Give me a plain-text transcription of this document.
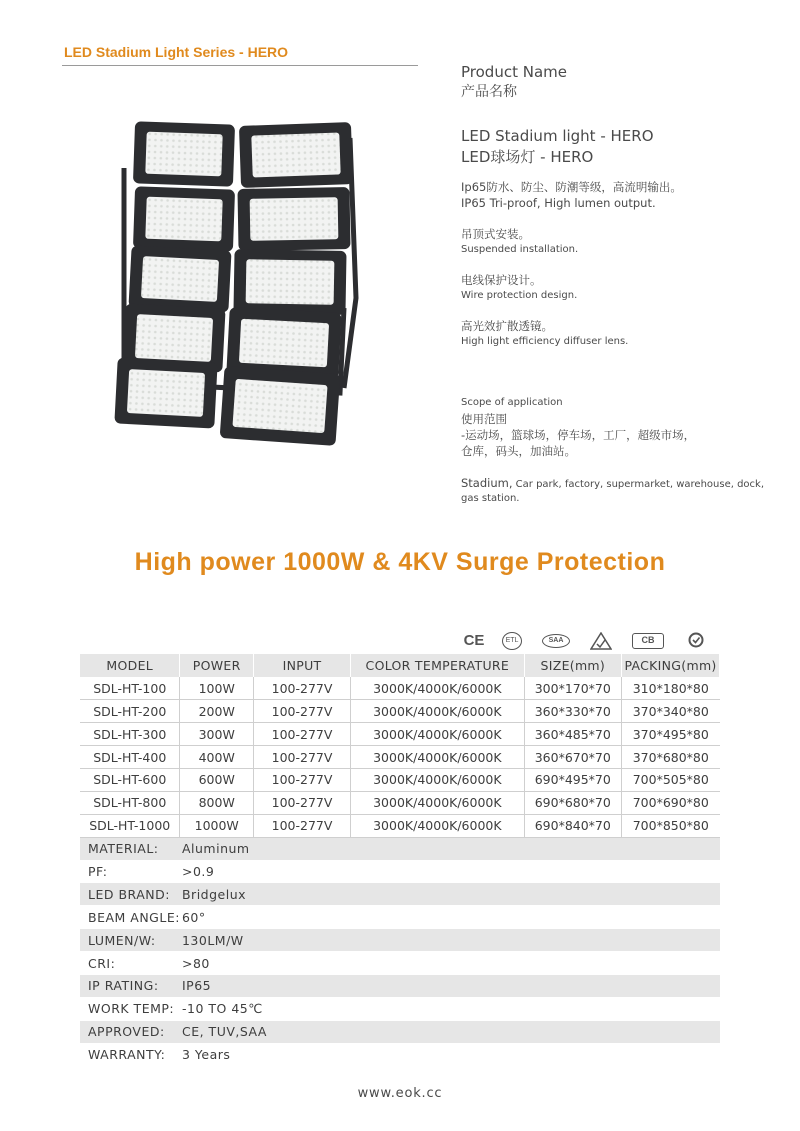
LED Stadium Light Series - HERO
Product Name
产品名称
LED Stadium light - HERO
LED球场灯 - HERO
Ip65防水、防尘、防潮等级，高流明输出。
IP65 Tri-proof, High lumen output.
吊顶式安装。
Suspended installation.
电线保护设计。
Wire protection design.
高光效扩散透镜。
High light efficiency diffuser lens.
Scope of application
使用范围
-运动场，篮球场，停车场，工厂，超级市场，
仓库，码头，加油站。
Stadium, Car park, factory, supermarket, warehouse, dock,
gas station.
High power 1000W & 4KV Surge Protection
CE	ETL	SAA	CB
MODEL	POWER	INPUT	COLOR TEMPERATURE	SIZE(mm)	PACKING(mm)
SDL-HT-100	100W	100-277V	3000K/4000K/6000K	300*170*70	310*180*80
SDL-HT-200	200W	100-277V	3000K/4000K/6000K	360*330*70	370*340*80
SDL-HT-300	300W	100-277V	3000K/4000K/6000K	360*485*70	370*495*80
SDL-HT-400	400W	100-277V	3000K/4000K/6000K	360*670*70	370*680*80
SDL-HT-600	600W	100-277V	3000K/4000K/6000K	690*495*70	700*505*80
SDL-HT-800	800W	100-277V	3000K/4000K/6000K	690*680*70	700*690*80
SDL-HT-1000	1000W	100-277V	3000K/4000K/6000K	690*840*70	700*850*80
MATERIAL:	Aluminum				
PF:	>0.9				
LED BRAND:	Bridgelux				
BEAM ANGLE:	60°				
LUMEN/W:	130LM/W				
CRI:	>80				
IP RATING:	IP65				
WORK TEMP:	-10 TO 45℃				
APPROVED:	CE, TUV,SAA				
WARRANTY:	3 Years				
www.eok.cc
